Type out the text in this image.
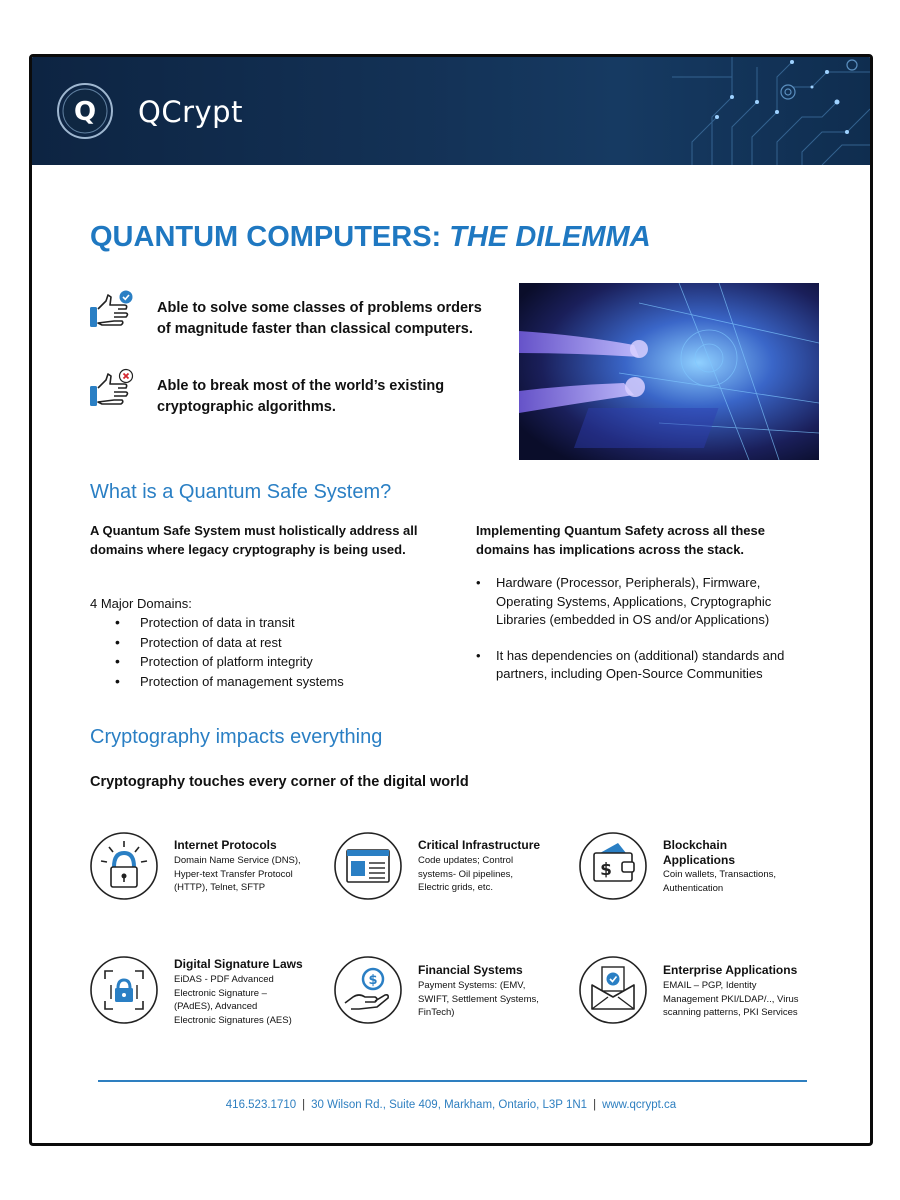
Q QCrypt
QUANTUM COMPUTERS: THE DILEMMA
Able to solve some classes of problems orders of magnitude faster than classical computers.
Able to break most of the world’s existing cryptographic algorithms.
What is a Quantum Safe System?
A Quantum Safe System must holistically address all domains where legacy cryptography is being used.
4 Major Domains:
• Protection of data in transit
• Protection of data at rest
• Protection of platform integrity
• Protection of management systems
Implementing Quantum Safety across all these domains has implications across the stack.
• Hardware (Processor, Peripherals), Firmware, Operating Systems, Applications, Cryptographic Libraries (embedded in OS and/or Applications)
• It has dependencies on (additional) standards and partners, including Open-Source Communities
Cryptography impacts everything
Cryptography touches every corner of the digital world
Internet Protocols
Domain Name Service (DNS), Hyper-text Transfer Protocol (HTTP), Telnet, SFTP
Critical Infrastructure
Code updates; Control systems- Oil pipelines, Electric grids, etc.
$
Blockchain Applications
Coin wallets, Transactions, Authentication
Digital Signature Laws
EiDAS - PDF Advanced Electronic Signature – (PAdES), Advanced Electronic Signatures (AES)
$
Financial Systems
Payment Systems: (EMV, SWIFT, Settlement Systems, FinTech)
Enterprise Applications
EMAIL – PGP, Identity Management PKI/LDAP/.., Virus scanning patterns, PKI Services
416.523.1710 | 30 Wilson Rd., Suite 409, Markham, Ontario, L3P 1N1 | www.qcrypt.ca
